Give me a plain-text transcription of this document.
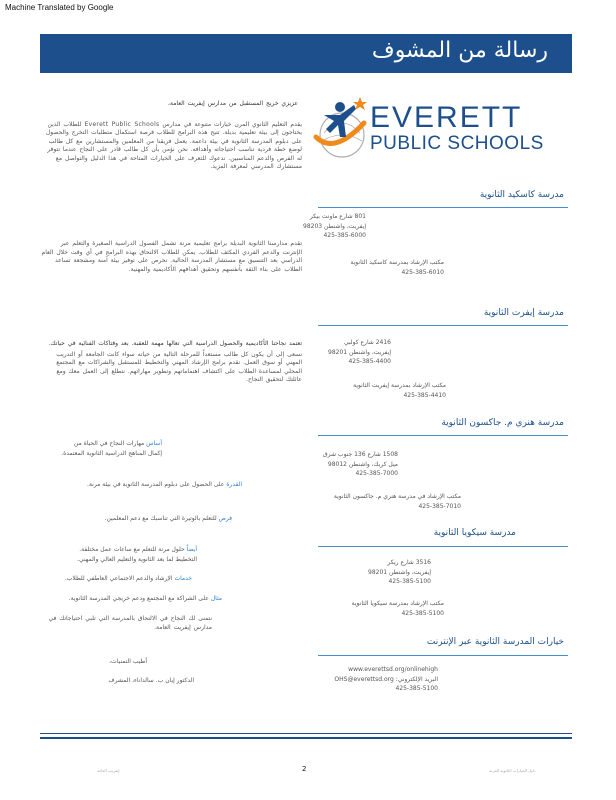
Machine Translated by Google
رسالة من المشوف
EVERETT
PUBLIC SCHOOLS

عزيزي خريج المستقبل من مدارس إيفريت العامة،

يقدم التعليم الثانوي المرن خيارات متنوعة في مدارس Everett Public Schools للطلاب الذين يحتاجون إلى بيئة تعليمية بديلة. تتيح هذه البرامج للطلاب فرصة استكمال متطلبات التخرج والحصول على دبلوم المدرسة الثانوية في بيئة داعمة. يعمل فريقنا من المعلمين والمستشارين مع كل طالب لوضع خطة فردية تناسب احتياجاته وأهدافه. نحن نؤمن بأن كل طالب قادر على النجاح عندما تتوفر له الفرص والدعم المناسبين. ندعوك للتعرف على الخيارات المتاحة في هذا الدليل والتواصل مع مستشارك المدرسي لمعرفة المزيد.

تقدم مدارسنا الثانوية البديلة برامج تعليمية مرنة تشمل الفصول الدراسية الصغيرة والتعلم عبر الإنترنت والدعم الفردي المكثف للطلاب. يمكن للطلاب الالتحاق بهذه البرامج في أي وقت خلال العام الدراسي بعد التنسيق مع مستشار المدرسة الحالية. نحرص على توفير بيئة آمنة ومشجعة تساعد الطلاب على بناء الثقة بأنفسهم وتحقيق أهدافهم الأكاديمية والمهنية.

تعتمد نجاحنا الأكاديمية والحصول الدراسية التي تعالها مهمة للعقبة. بعد وقتاكات الفنائية في حياتك.

نسعى إلى أن يكون كل طالب مستعداً للمرحلة التالية من حياته سواء كانت الجامعة أو التدريب المهني أو سوق العمل. نقدم برامج الإرشاد المهني والتخطيط للمستقبل والشراكات مع المجتمع المحلي لمساعدة الطلاب على اكتشاف اهتماماتهم وتطوير مهاراتهم. نتطلع إلى العمل معك ومع عائلتك لتحقيق النجاح.

أساس مهارات النجاح في الحياة من
إكمال المناهج الدراسية الثانوية المعتمدة.
القدرة على الحصول على دبلوم المدرسة الثانوية في بيئة مرنة.
فرص للتعلم بالوتيرة التي تناسبك مع دعم المعلمين.
أيضاً حلول مرنة للتعلم مع ساعات عمل مختلفة.
التخطيط لما بعد الثانوية والتعليم العالي والمهني.
خدمات الإرشاد والدعم الاجتماعي العاطفي للطلاب.
مثال على الشراكة مع المجتمع ودعم خريجي المدرسة الثانوية.
نتمنى لك النجاح في الالتحاق بالمدرسة التي تلبي احتياجاتك في مدارس إيفريت العامة.
أطيب التمنيات،
الدكتور إيان ب. سالداناء، المشرف
مدرسة كاسكيد الثانوية
801 شارع ماونت بيكر
إيفريت، واشنطن 98203
425-385-6000
مكتب الإرشاد بمدرسة كاسكيد الثانوية
425-385-6010
مدرسة إيفرت الثانوية
2416 شارع كولبي
إيفريت، واشنطن 98201
425-385-4400
مكتب الإرشاد بمدرسة إيفريت الثانوية
425-385-4410
مدرسة هنري م. جاكسون الثانوية
1508 شارع 136 جنوب شرق
ميل كريك، واشنطن 98012
425-385-7000
مكتب الإرشاد في مدرسة هنري م. جاكسون الثانوية
425-385-7010
مدرسة سيكويا الثانوية
3516 شارع ريكر
إيفريت، واشنطن 98201
425-385-5100
مكتب الإرشاد بمدرسة سيكويا الثانوية
425-385-5100
خيارات المدرسة الثانوية عبر الإنترنت
www.everettsd.org/onlinehigh
البريد الإلكتروني: OHS@everettsd.org
425-385-5100
إيفريت العامة	2	دليل الخيارات الثانوية المرنة
